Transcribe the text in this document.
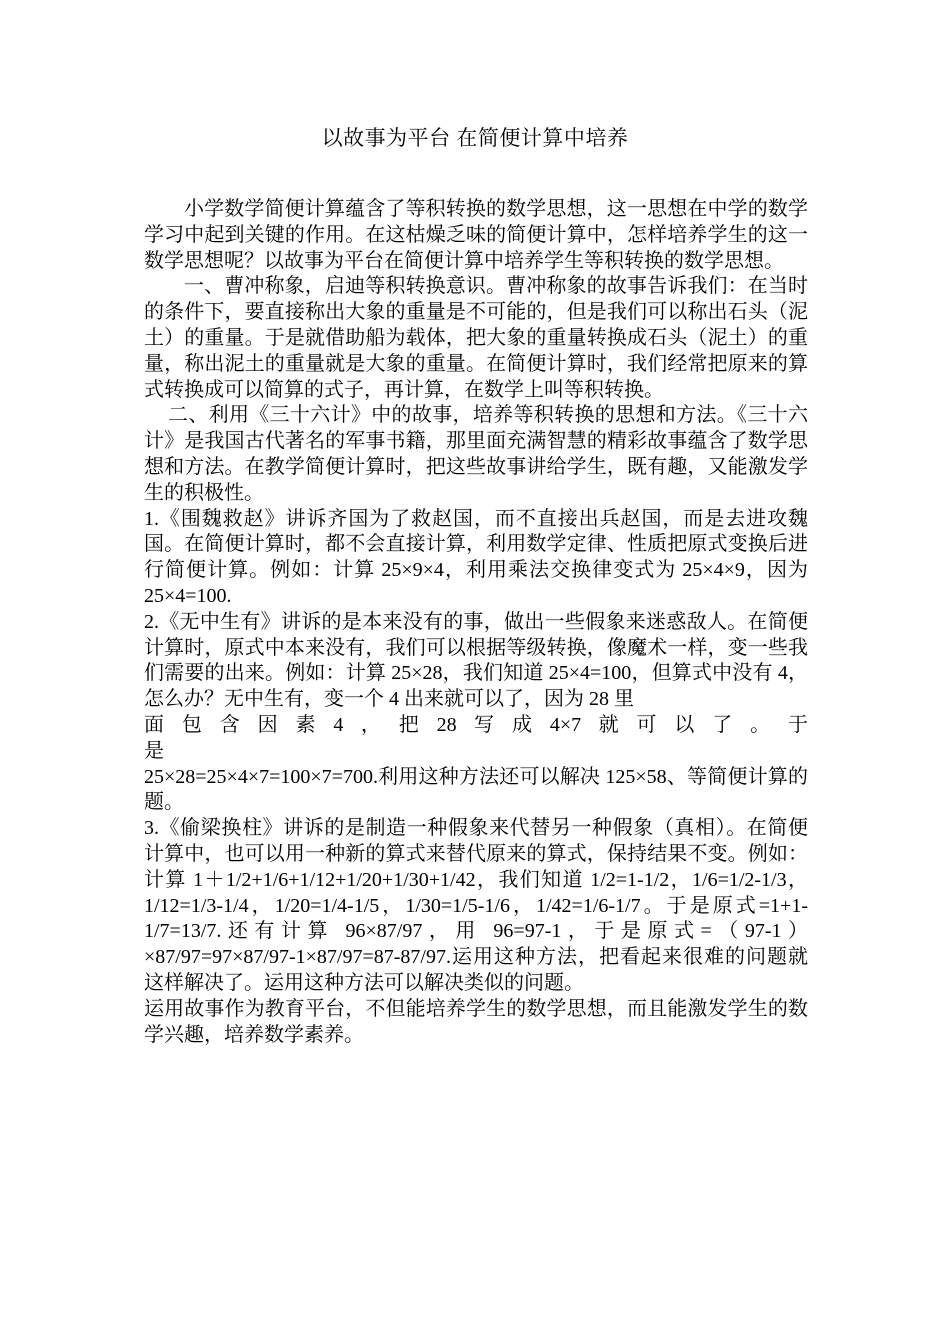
以故事为平台 在简便计算中培养

小学数学简便计算蕴含了等积转换的数学思想，这一思想在中学的数学学习中起到关键的作用。在这枯燥乏味的简便计算中，怎样培养学生的这一数学思想呢？以故事为平台在简便计算中培养学生等积转换的数学思想。

一、曹冲称象，启迪等积转换意识。曹冲称象的故事告诉我们：在当时的条件下，要直接称出大象的重量是不可能的，但是我们可以称出石头（泥土）的重量。于是就借助船为载体，把大象的重量转换成石头（泥土）的重量，称出泥土的重量就是大象的重量。在简便计算时，我们经常把原来的算式转换成可以简算的式子，再计算，在数学上叫等积转换。

二、利用《三十六计》中的故事，培养等积转换的思想和方法。《三十六计》是我国古代著名的军事书籍，那里面充满智慧的精彩故事蕴含了数学思想和方法。在教学简便计算时，把这些故事讲给学生，既有趣，又能激发学生的积极性。

1.《围魏救赵》讲诉齐国为了救赵国，而不直接出兵赵国，而是去进攻魏国。在简便计算时，都不会直接计算，利用数学定律、性质把原式变换后进行简便计算。例如：计算 25×9×4，利用乘法交换律变式为 25×4×9，因为 25×4=100.

2.《无中生有》讲诉的是本来没有的事，做出一些假象来迷惑敌人。在简便计算时，原式中本来没有，我们可以根据等级转换，像魔术一样，变一些我们需要的出来。例如：计算 25×28，我们知道 25×4=100，但算式中没有 4，怎么办？无中生有，变一个 4 出来就可以了，因为 28 里

面 包 含 因 素 4 ， 把 28 写 成 4×7 就 可 以 了 。 于 是

25×28=25×4×7=100×7=700.利用这种方法还可以解决 125×58、等简便计算的题。

3.《偷梁换柱》讲诉的是制造一种假象来代替另一种假象（真相）。在简便计算中，也可以用一种新的算式来替代原来的算式，保持结果不变。例如：计算 1＋1/2+1/6+1/12+1/20+1/30+1/42，我们知道 1/2=1-1/2，1/6=1/2-1/3，1/12=1/3-1/4，1/20=1/4-1/5，1/30=1/5-1/6，1/42=1/6-1/7。于是原式=1+1-1/7=13/7.还有计算 96×87/97，用 96=97-1，于是原式=（97-1）×87/97=97×87/97-1×87/97=87-87/97.运用这种方法，把看起来很难的问题就这样解决了。运用这种方法可以解决类似的问题。

运用故事作为教育平台，不但能培养学生的数学思想，而且能激发学生的数学兴趣，培养数学素养。
